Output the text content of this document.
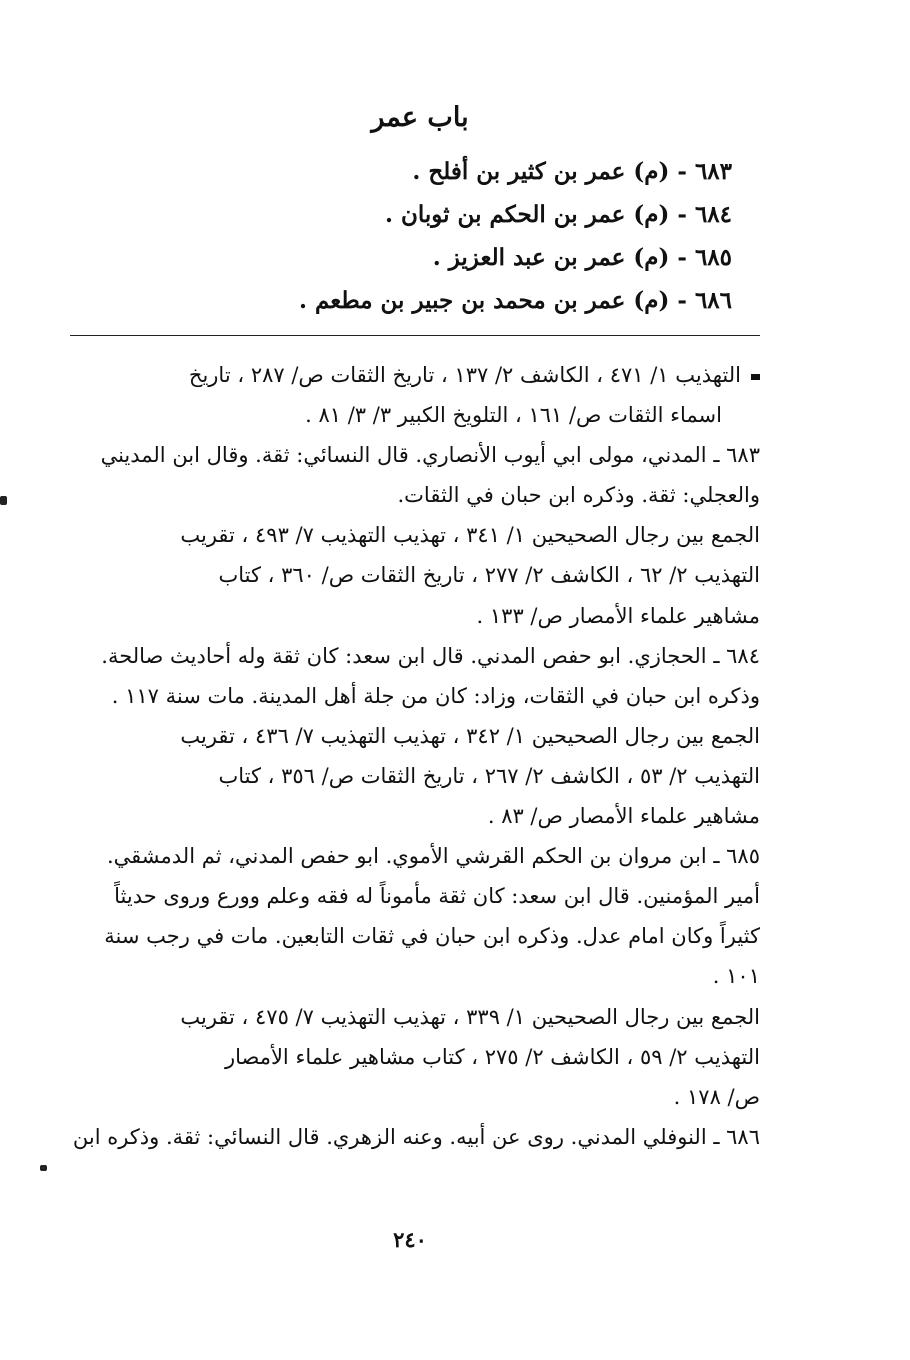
باب عمر
٦٨٣ - (م) عمر بن كثير بن أفلح .
٦٨٤ - (م) عمر بن الحكم بن ثوبان .
٦٨٥ - (م) عمر بن عبد العزيز .
٦٨٦ - (م) عمر بن محمد بن جبير بن مطعم .
التهذيب ١/ ٤٧١ ، الكاشف ٢/ ١٣٧ ، تاريخ الثقات ص/ ٢٨٧ ، تاريخ
اسماء الثقات ص/ ١٦١ ، التلويخ الكبير ٣/ ٣/ ٨١ .
٦٨٣ ـ المدني، مولى ابي أيوب الأنصاري. قال النسائي: ثقة. وقال ابن المديني
والعجلي: ثقة. وذكره ابن حبان في الثقات.
الجمع بين رجال الصحيحين ١/ ٣٤١ ، تهذيب التهذيب ٧/ ٤٩٣ ، تقريب
التهذيب ٢/ ٦٢ ، الكاشف ٢/ ٢٧٧ ، تاريخ الثقات ص/ ٣٦٠ ، كتاب
مشاهير علماء الأمصار ص/ ١٣٣ .
٦٨٤ ـ الحجازي. ابو حفص المدني. قال ابن سعد: كان ثقة وله أحاديث صالحة.
وذكره ابن حبان في الثقات، وزاد: كان من جلة أهل المدينة. مات سنة ١١٧ .
الجمع بين رجال الصحيحين ١/ ٣٤٢ ، تهذيب التهذيب ٧/ ٤٣٦ ، تقريب
التهذيب ٢/ ٥٣ ، الكاشف ٢/ ٢٦٧ ، تاريخ الثقات ص/ ٣٥٦ ، كتاب
مشاهير علماء الأمصار ص/ ٨٣ .
٦٨٥ ـ ابن مروان بن الحكم القرشي الأموي. ابو حفص المدني، ثم الدمشقي.
أمير المؤمنين. قال ابن سعد: كان ثقة مأموناً له فقه وعلم وورع وروى حديثاً
كثيراً وكان امام عدل. وذكره ابن حبان في ثقات التابعين. مات في رجب سنة
١٠١ .
الجمع بين رجال الصحيحين ١/ ٣٣٩ ، تهذيب التهذيب ٧/ ٤٧٥ ، تقريب
التهذيب ٢/ ٥٩ ، الكاشف ٢/ ٢٧٥ ، كتاب مشاهير علماء الأمصار
ص/ ١٧٨ .
٦٨٦ ـ النوفلي المدني. روى عن أبيه. وعنه الزهري. قال النسائي: ثقة. وذكره ابن
٢٤٠
